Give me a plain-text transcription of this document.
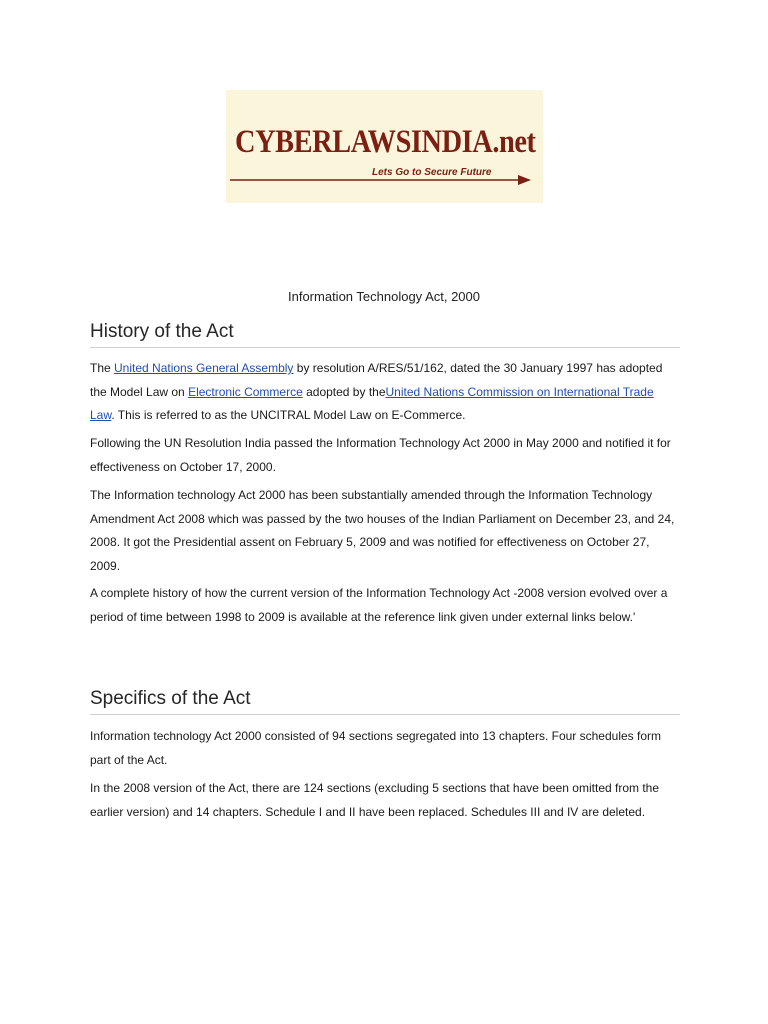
CYBERLAWSINDIA.net
Lets Go to Secure Future
Information Technology Act, 2000
History of the Act
The United Nations General Assembly by resolution A/RES/51/162, dated the 30 January 1997 has adopted the Model Law on Electronic Commerce adopted by theUnited Nations Commission on International Trade Law. This is referred to as the UNCITRAL Model Law on E-Commerce.
Following the UN Resolution India passed the Information Technology Act 2000 in May 2000 and notified it for effectiveness on October 17, 2000.
The Information technology Act 2000 has been substantially amended through the Information Technology Amendment Act 2008 which was passed by the two houses of the Indian Parliament on December 23, and 24, 2008. It got the Presidential assent on February 5, 2009 and was notified for effectiveness on October 27, 2009.
A complete history of how the current version of the Information Technology Act -2008 version evolved over a period of time between 1998 to 2009 is available at the reference link given under external links below.'
Specifics of the Act
Information technology Act 2000 consisted of 94 sections segregated into 13 chapters. Four schedules form part of the Act.
In the 2008 version of the Act, there are 124 sections (excluding 5 sections that have been omitted from the earlier version) and 14 chapters. Schedule I and II have been replaced. Schedules III and IV are deleted.
